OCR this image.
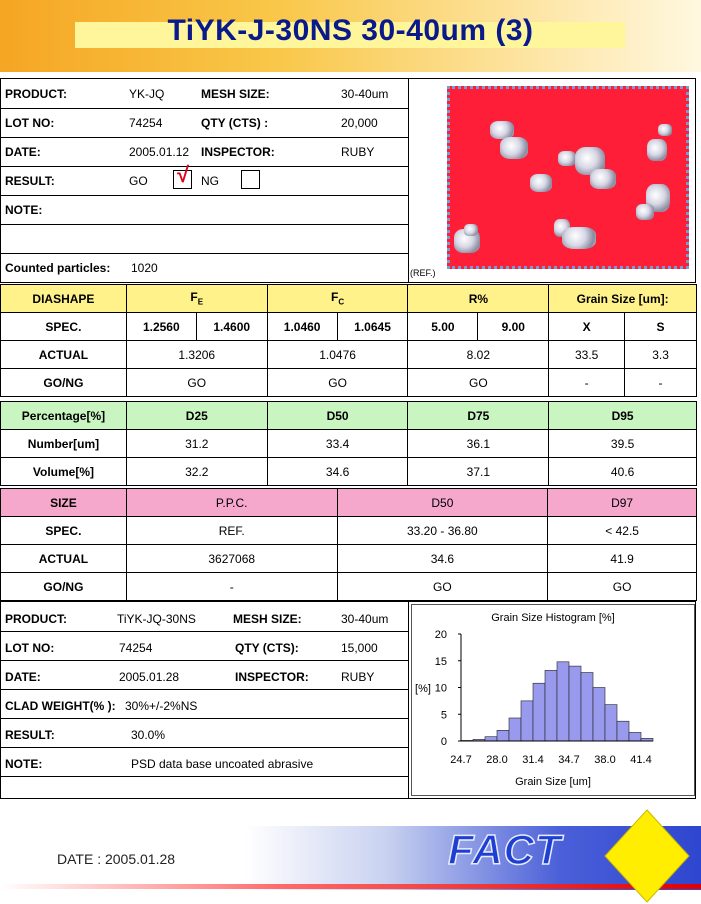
TiYK-J-30NS 30-40um (3)
PRODUCT:	YK-JQ	MESH SIZE:	30-40um
LOT NO:	74254	QTY (CTS) :	20,000
DATE:	2005.01.12 INSPECTOR:	RUBY
RESULT:	GO √ NG
NOTE:
Counted particles: 1020	(REF.)
DIASHAPE	$F_E$		$F_C$		R%		Grain Size [um]:	
SPEC.	1.2560	1.4600	1.0460	1.0645	5.00	9.00	X	S
ACTUAL	1.3206		1.0476		8.02		33.5	3.3
GO/NG	GO		GO		GO		-	-
Percentage[%]	D25	D50	D75	D95
Number[um]	31.2	33.4	36.1	39.5
Volume[%]	32.2	34.6	37.1	40.6
SIZE	P.P.C.	D50	D97
SPEC.	REF.	33.20 - 36.80	< 42.5
ACTUAL	3627068	34.6	41.9
GO/NG	-	GO	GO
PRODUCT:	TiYK-JQ-30NS	MESH SIZE:	30-40um
LOT NO:	74254	QTY (CTS):	15,000
DATE:	2005.01.28	INSPECTOR:	RUBY
CLAD WEIGHT(% ): 30%+/-2%NS
RESULT:	30.0%
NOTE:	PSD data base uncoated abrasive
Grain Size Histogram [%]
[%]
Grain Size [um]
0
5
10
15
20
24.7 28.0 31.4 34.7 38.0 41.4
DATE : 2005.01.28	FACT
